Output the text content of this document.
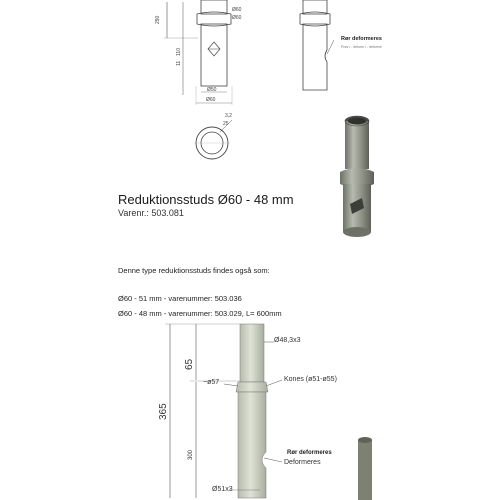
290
110
11
Ø60
Ø60
Ø50
Ø60
3,2
25
Rør deformeres
Prøv i - deform i - deforme
Reduktionsstuds Ø60 - 48 mm
Varenr.: 503.081
Denne type reduktionsstuds findes også som:
Ø60 - 51 mm - varenummer: 503.036
Ø60 - 48 mm - varenummer: 503.029, L= 600mm
65
365
300
Ø48,3x3
~ø57	Kones (ø51-ø55)
Rør deformeres
Deformeres
Ø51x3
